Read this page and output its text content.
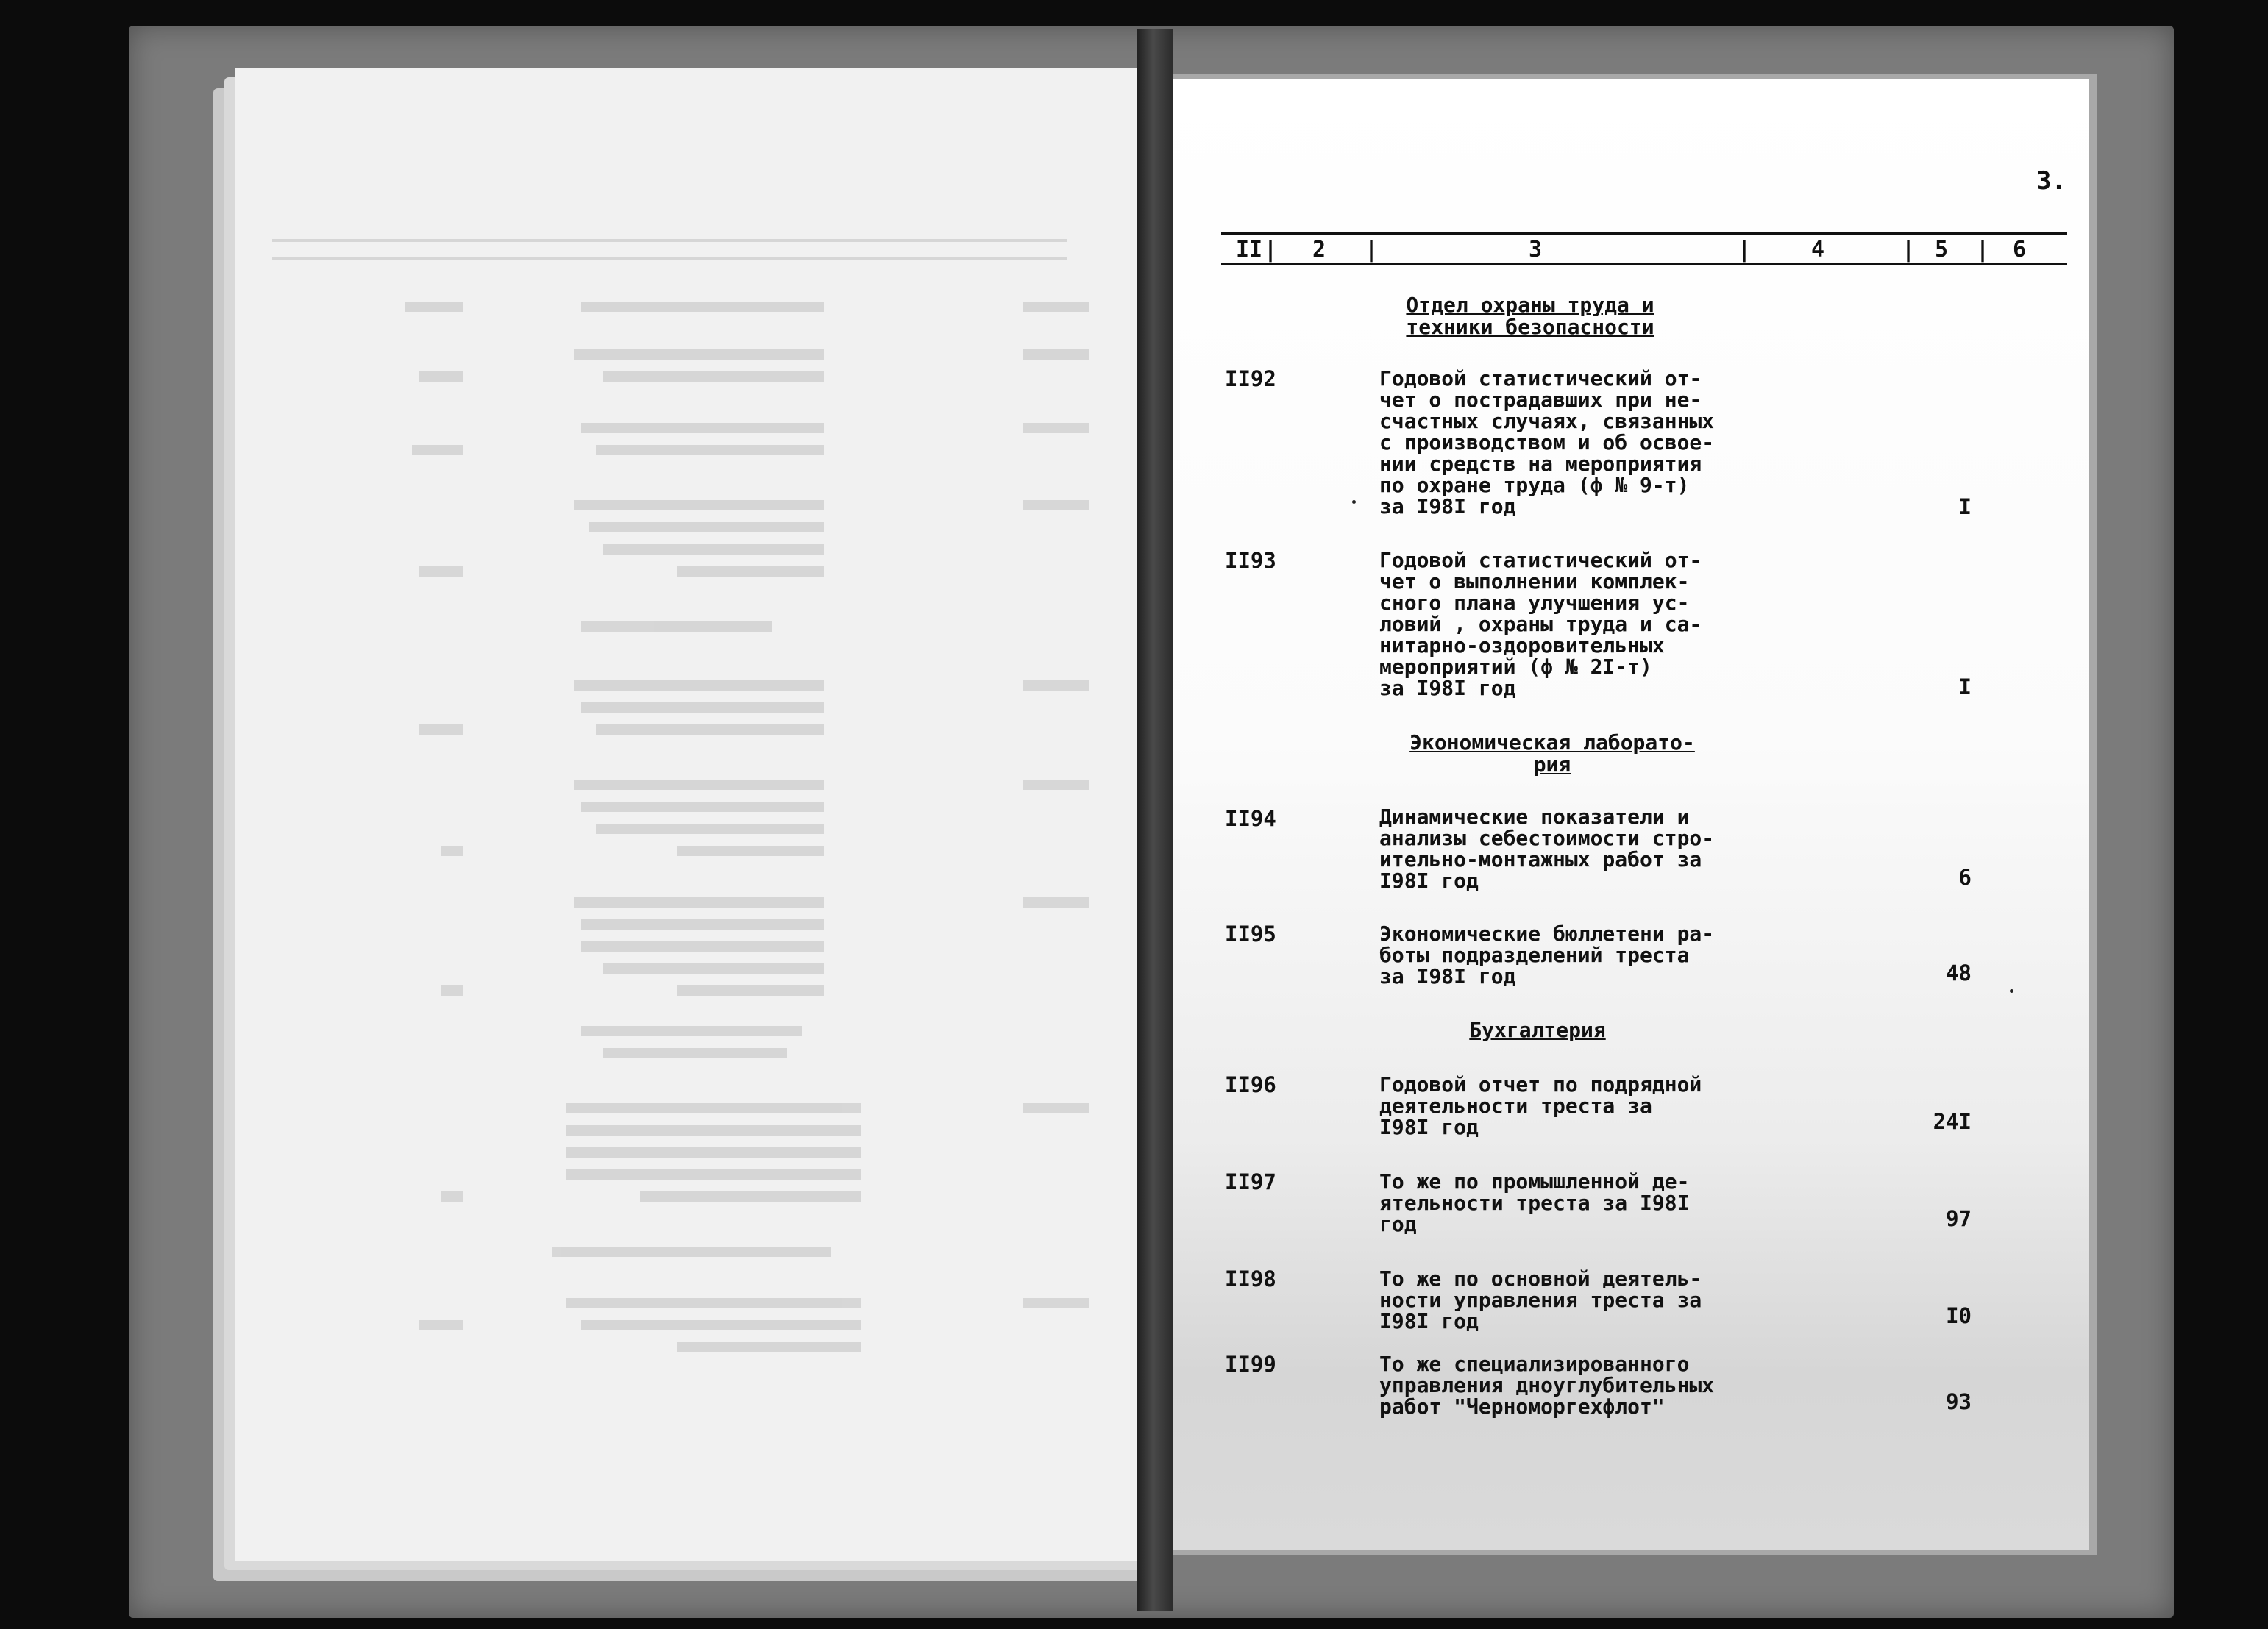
3.
II | 2 |	3	|	4	| 5 | 6
Отдел охраны труда и
техники безопасности
II92	Годовой статистический от-
чет о пострадавших при не-
счастных случаях, связанных
с производством и об освое-
нии средств на мероприятия
по охране труда (ф № 9-т)
за I98I год	I
II93	Годовой статистический от-
чет о выполнении комплек-
сного плана улучшения ус-
ловий , охраны труда и са-
нитарно-оздоровительных
мероприятий (ф № 2I-т)
за I98I год	I
Экономическая лаборато-
рия
II94	Динамические показатели и
анализы себестоимости стро-
ительно-монтажных работ за
I98I год	6
II95	Экономические бюллетени ра-
боты подразделений треста
за I98I год	48
Бухгалтерия
II96	Годовой отчет по подрядной
деятельности треста за
I98I год	24I
II97	То же по промышленной де-
ятельности треста за I98I
год	97
II98	То же по основной деятель-
ности управления треста за
I98I год	I0
II99	То же специализированного
управления дноуглубительных
работ "Черноморгехфлот"	93
